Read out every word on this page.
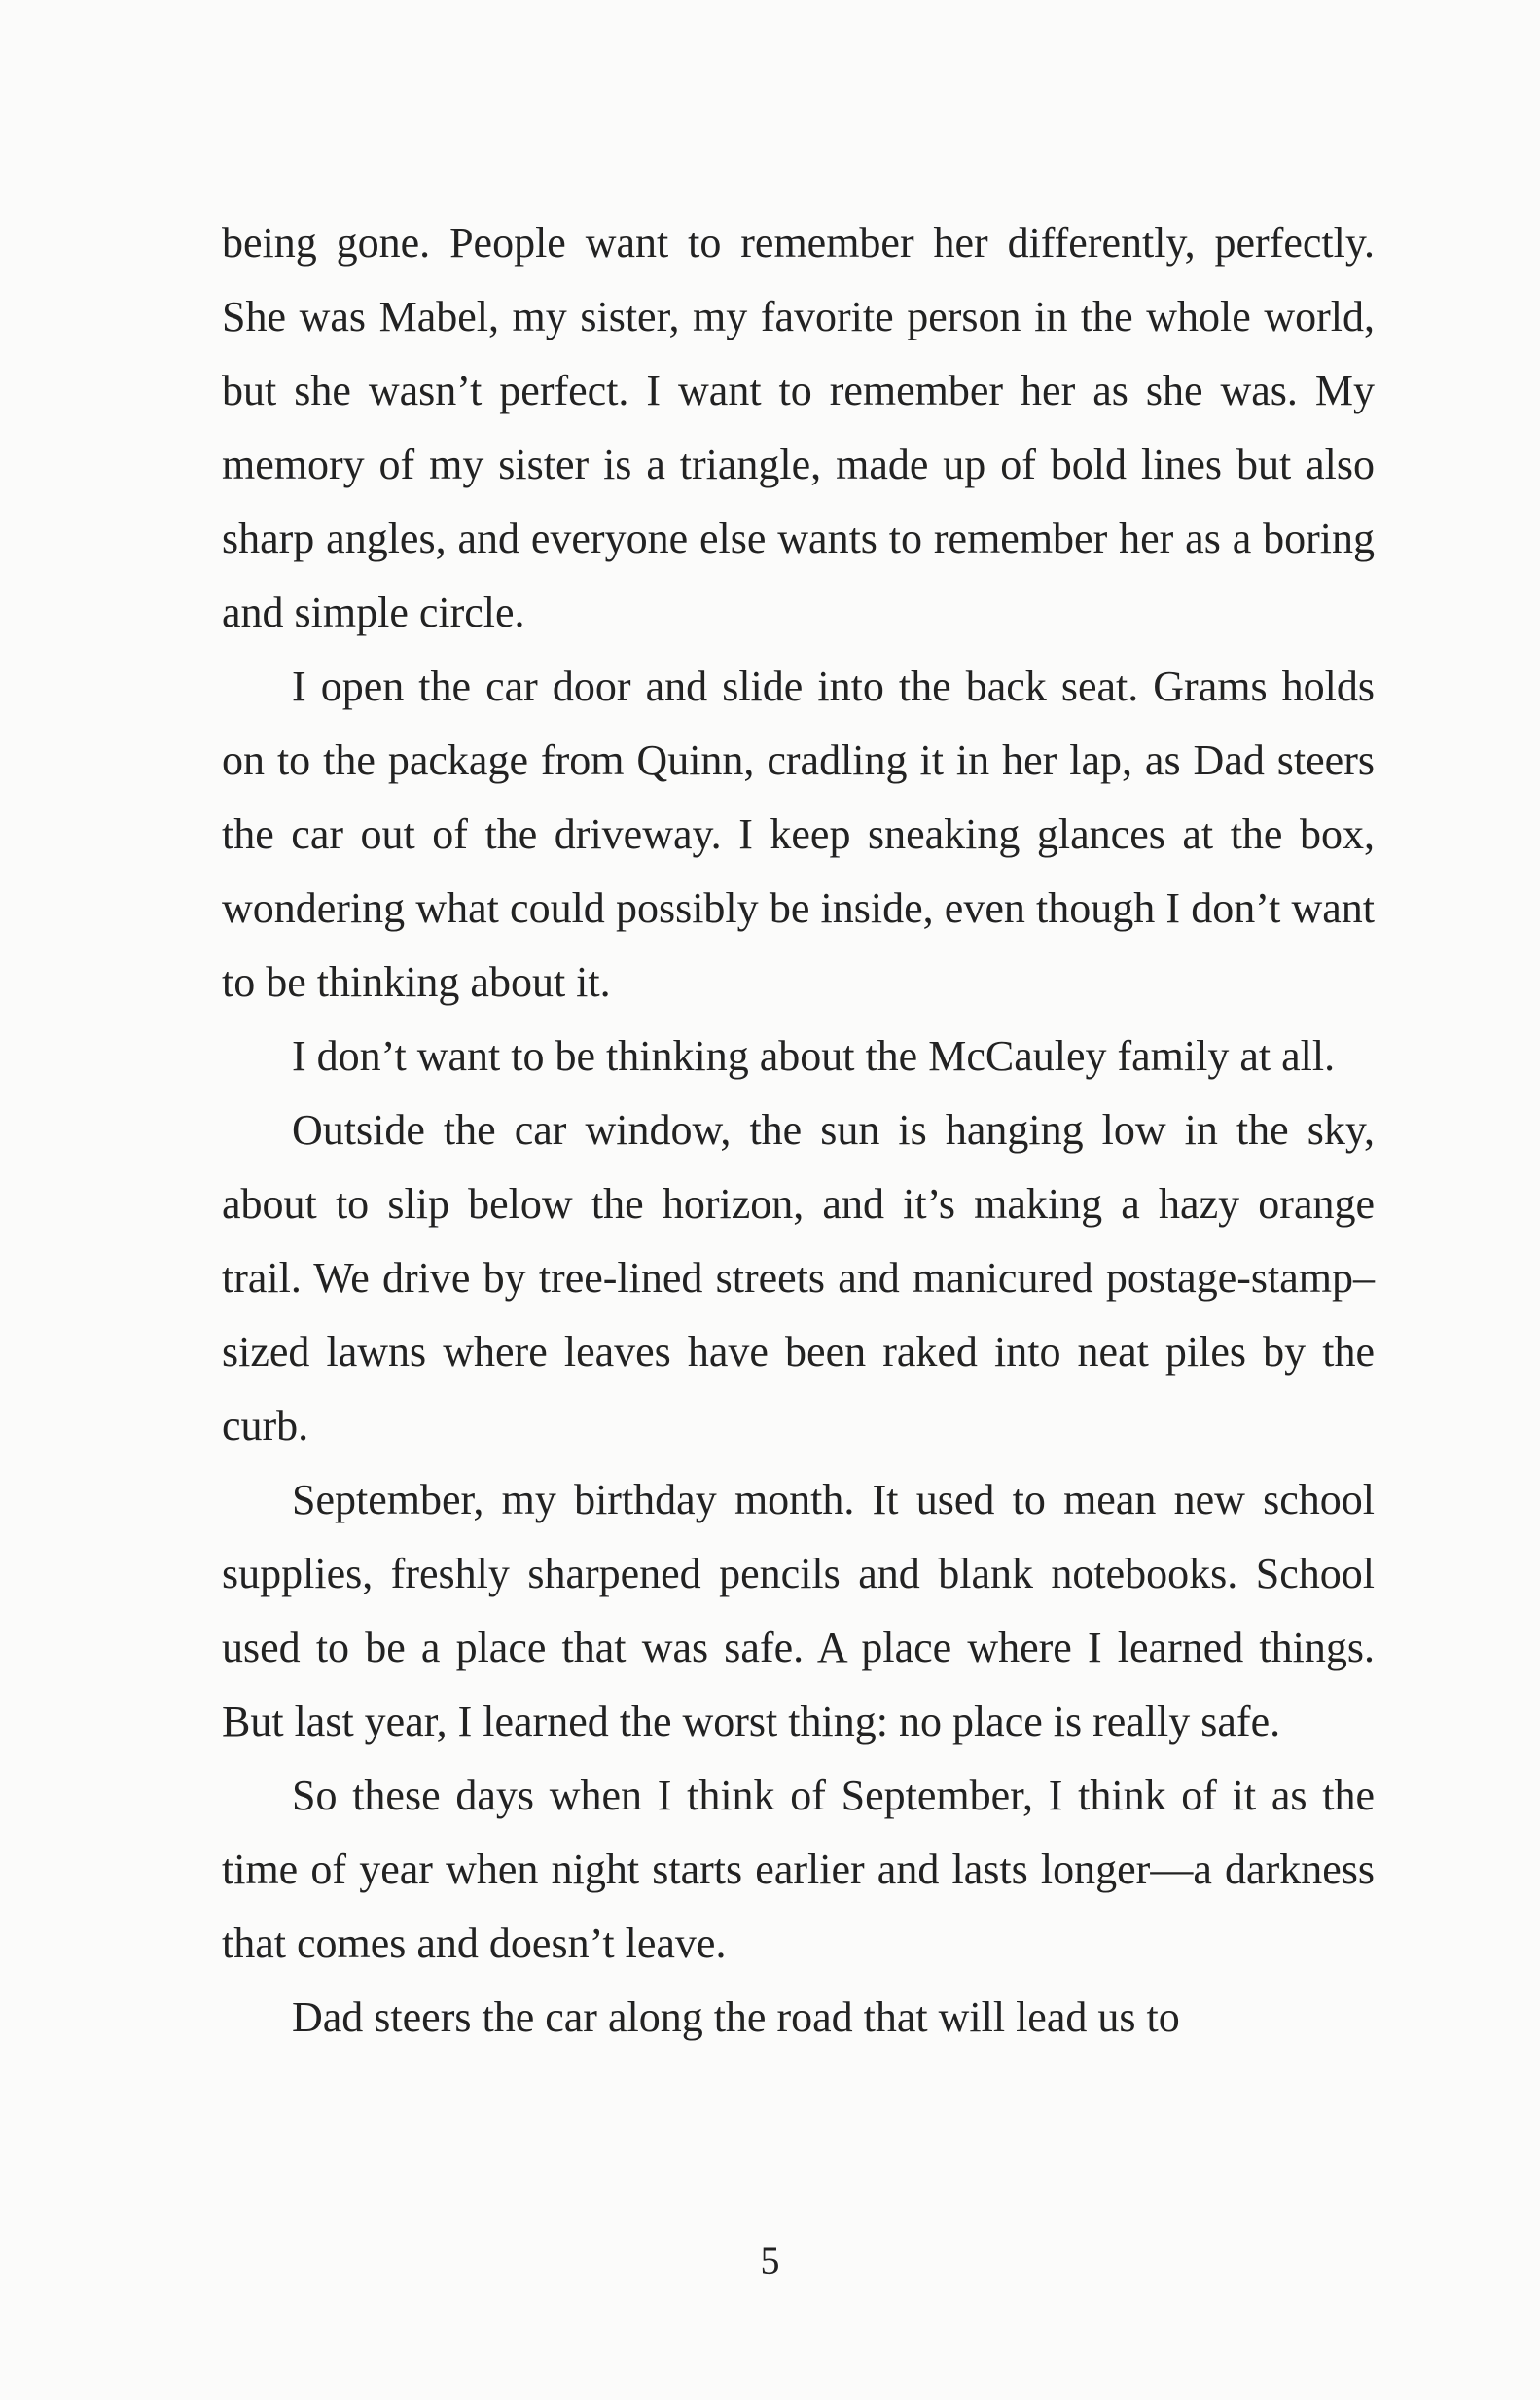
being gone. People want to remember her differently, perfectly. She was Mabel, my sister, my favorite person in the whole world, but she wasn’t perfect. I want to remember her as she was. My memory of my sister is a triangle, made up of bold lines but also sharp angles, and everyone else wants to remember her as a boring and simple circle.

I open the car door and slide into the back seat. Grams holds on to the package from Quinn, cradling it in her lap, as Dad steers the car out of the driveway. I keep sneaking glances at the box, wondering what could possibly be inside, even though I don’t want to be thinking about it.

I don’t want to be thinking about the McCauley family at all.

Outside the car window, the sun is hanging low in the sky, about to slip below the horizon, and it’s making a hazy orange trail. We drive by tree-lined streets and manicured postage-stamp–sized lawns where leaves have been raked into neat piles by the curb.

September, my birthday month. It used to mean new school supplies, freshly sharpened pencils and blank notebooks. School used to be a place that was safe. A place where I learned things. But last year, I learned the worst thing: no place is really safe.

So these days when I think of September, I think of it as the time of year when night starts earlier and lasts longer—a darkness that comes and doesn’t leave.

Dad steers the car along the road that will lead us to

5
